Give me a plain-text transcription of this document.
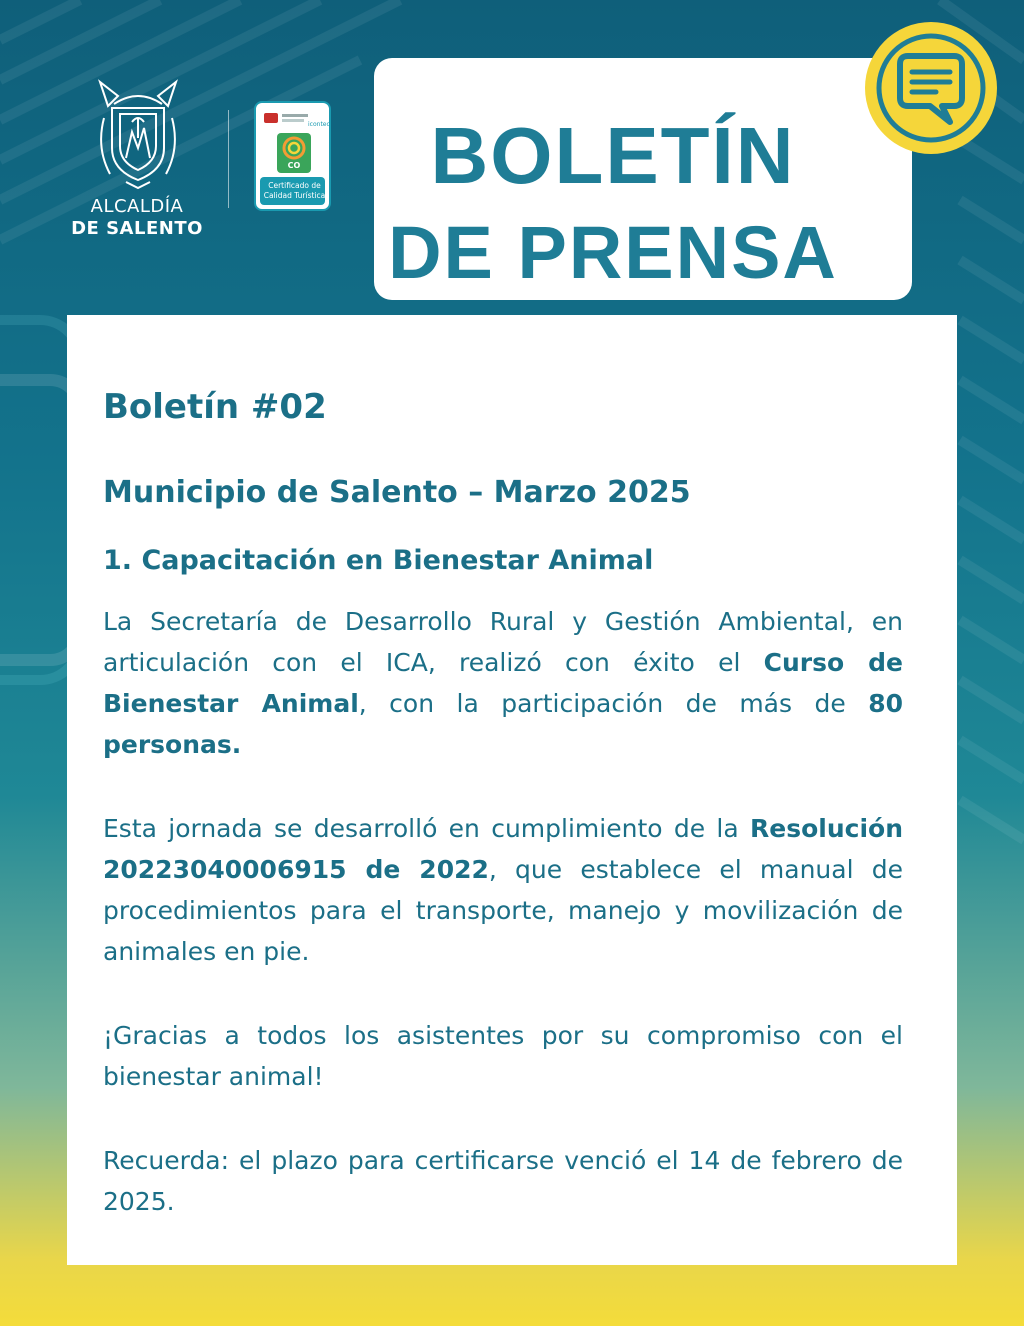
ALCALDÍA
DE SALENTO
icontec
CO
Certificado de
Calidad Turística	BOLETÍN
DE PRENSA
Boletín #02
Municipio de Salento – Marzo 2025
1. Capacitación en Bienestar Animal

La Secretaría de Desarrollo Rural y Gestión Ambiental, en articulación con el ICA, realizó con éxito el Curso de Bienestar Animal, con la participación de más de 80 personas.

Esta jornada se desarrolló en cumplimiento de la Resolución 20223040006915 de 2022, que establece el manual de procedimientos para el transporte, manejo y movilización de animales en pie.

¡Gracias a todos los asistentes por su compromiso con el bienestar animal!

Recuerda: el plazo para certificarse venció el 14 de febrero de 2025.
